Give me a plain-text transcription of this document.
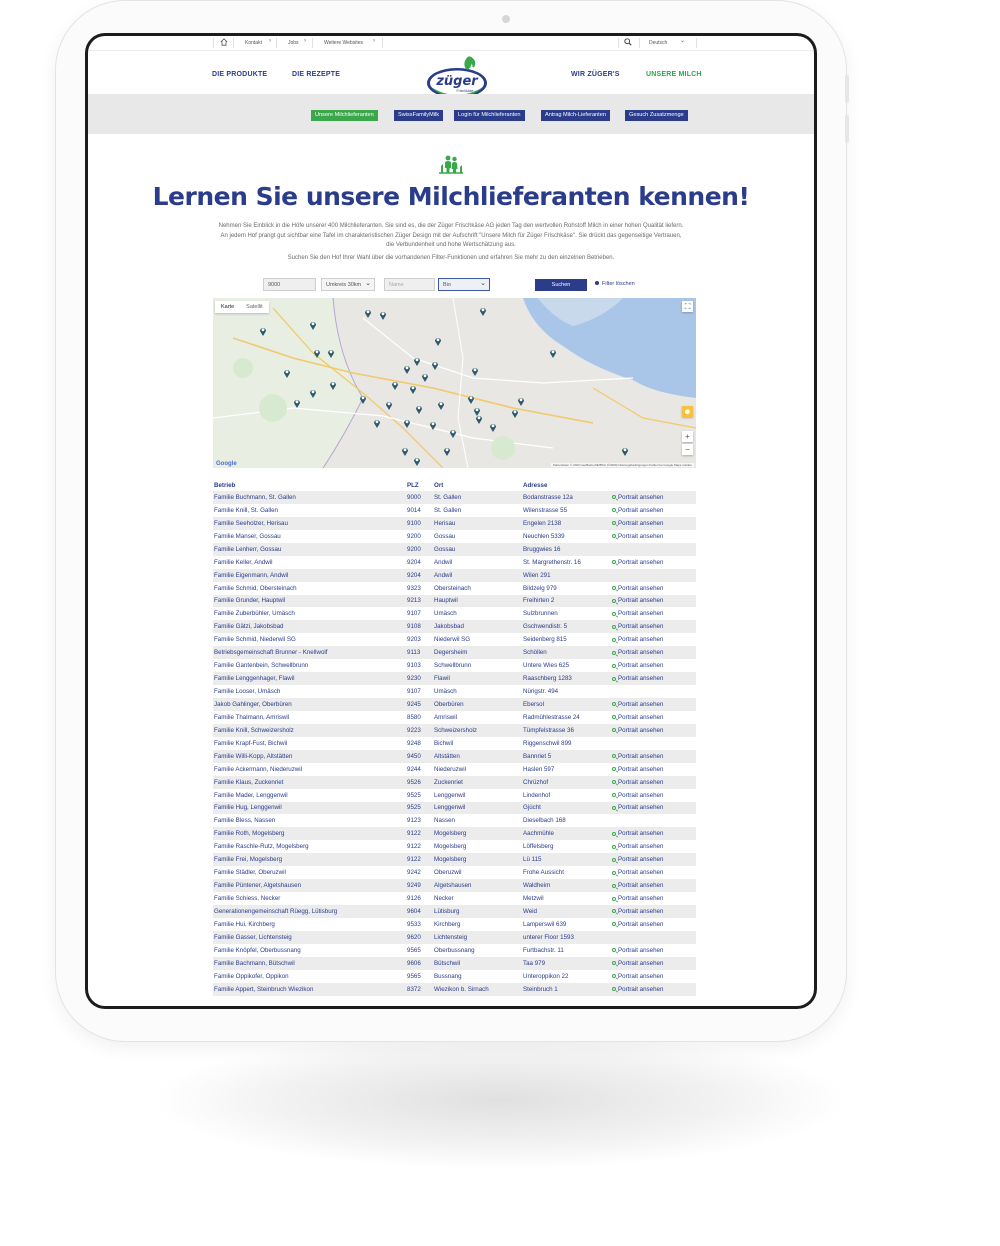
Kontakt ›	Jobs ›	Weitere Websites ›	Deutsch ⌄
DIE PRODUKTE	DIE REZEPTE	züger
Frischkäse
WIR ZÜGER'S	UNSERE MILCH
Unsere Milchlieferanten	SwissFamilyMilk	Login für Milchlieferanten	Antrag Milch-Lieferanten	Gesuch Zusatzmenge
Lernen Sie unsere Milchlieferanten kennen!
Nehmen Sie Einblick in die Höfe unserer 400 Milchlieferanten. Sie sind es, die der Züger Frischkäse AG jeden Tag den wertvollen Rohstoff Milch in einer hohen Qualität liefern. An jedem Hof prangt gut sichtbar eine Tafel im charakteristischen Züger Design mit der Aufschrift "Unsere Milch für Züger Frischkäse". Sie drückt das gegenseitige Vertrauen, die Verbundenheit und hohe Wertschätzung aus.
Suchen Sie den Hof Ihrer Wahl über die vorhandenen Filter-Funktionen und erfahren Sie mehr zu den einzelnen Betrieben.
9000	Umkreis 30km ⌄	Name	Bio ⌄	Suchen	Filter löschen
Karte Satellit	⛶
☻
+
−
Google	Kartendaten © 2022 GeoBasis-DE/BKG (©2009) Nutzungsbedingungen Fehler bei Google Maps melden
Betrieb	PLZ	Ort	Adresse	
Familie Buchmann, St. Gallen	9000	St. Gallen	Bodanstrasse 12a	Portrait ansehen
Familie Knill, St. Gallen	9014	St. Gallen	Wilenstrasse 55	Portrait ansehen
Familie Seeholzer, Herisau	9100	Herisau	Engelen 2138	Portrait ansehen
Familie Manser, Gossau	9200	Gossau	Neuchlen 5339	Portrait ansehen
Familie Lenherr, Gossau	9200	Gossau	Bruggwies 16	
Familie Keller, Andwil	9204	Andwil	St. Margrethenstr. 16	Portrait ansehen
Familie Eigenmann, Andwil	9204	Andwil	Wilen 291	
Familie Schmid, Obersteinach	9323	Obersteinach	Bildzelg 979	Portrait ansehen
Familie Grunder, Hauptwil	9213	Hauptwil	Freihirten 2	Portrait ansehen
Familie Zuberbühler, Umäsch	9107	Umäsch	Sulzbrunnen	Portrait ansehen
Familie Gätzi, Jakobsbad	9108	Jakobsbad	Gschwendistr. 5	Portrait ansehen
Familie Schmid, Niederwil SG	9203	Niederwil SG	Seidenberg 815	Portrait ansehen
Betriebsgemeinschaft Brunner - Knellwolf	9113	Degersheim	Schöllen	Portrait ansehen
Familie Gantenbein, Schwellbrunn	9103	Schwellbrunn	Untere Wies 625	Portrait ansehen
Familie Lenggenhager, Flawil	9230	Flawil	Raaschberg 1283	Portrait ansehen
Familie Looser, Umäsch	9107	Umäsch	Nürigstr. 494	
Jakob Gahlinger, Oberbüren	9245	Oberbüren	Ebersol	Portrait ansehen
Familie Thalmann, Amriswil	8580	Amriswil	Radmühlestrasse 24	Portrait ansehen
Familie Knill, Schweizersholz	9223	Schweizersholz	Tümpfelstrasse 36	Portrait ansehen
Familie Krapf-Fust, Bichwil	9248	Bichwil	Riggenschwil 899	
Familie Willi-Kopp, Altstätten	9450	Altstätten	Bannriet 5	Portrait ansehen
Familie Ackermann, Niederuzwil	9244	Niederuzwil	Haslen 597	Portrait ansehen
Familie Klaus, Zuckenriet	9526	Zuckenriet	Chrüzhof	Portrait ansehen
Familie Mader, Lenggenwil	9525	Lenggenwil	Lindenhof	Portrait ansehen
Familie Hug, Lenggenwil	9525	Lenggenwil	Gjücht	Portrait ansehen
Familie Bless, Nassen	9123	Nassen	Dieselbach 168	
Familie Roth, Mogelsberg	9122	Mogelsberg	Aachmühle	Portrait ansehen
Familie Raschle-Rutz, Mogelsberg	9122	Mogelsberg	Löffelsberg	Portrait ansehen
Familie Frei, Mogelsberg	9122	Mogelsberg	Lü 115	Portrait ansehen
Familie Städler, Oberuzwil	9242	Oberuzwil	Frohe Aussicht	Portrait ansehen
Familie Püntener, Algetshausen	9249	Algetshausen	Waldheim	Portrait ansehen
Familie Schiess, Necker	9126	Necker	Metzwil	Portrait ansehen
Generationengemeinschaft Rüegg, Lütisburg	9604	Lütisburg	Weid	Portrait ansehen
Familie Hui, Kirchberg	9533	Kirchberg	Lamperswil 639	Portrait ansehen
Familie Gasser, Lichtensteig	9620	Lichtensteig	unterer Floor 1593	
Familie Knöpfel, Oberbussnang	9565	Oberbussnang	Furtbachstr. 11	Portrait ansehen
Familie Bachmann, Bütschwil	9606	Bütschwil	Taa 979	Portrait ansehen
Familie Oppikofer, Oppikon	9565	Bussnang	Unteroppikon 22	Portrait ansehen
Familie Appert, Steinbruch Wiezikon	8372	Wiezikon b. Sirnach	Steinbruch 1	Portrait ansehen
